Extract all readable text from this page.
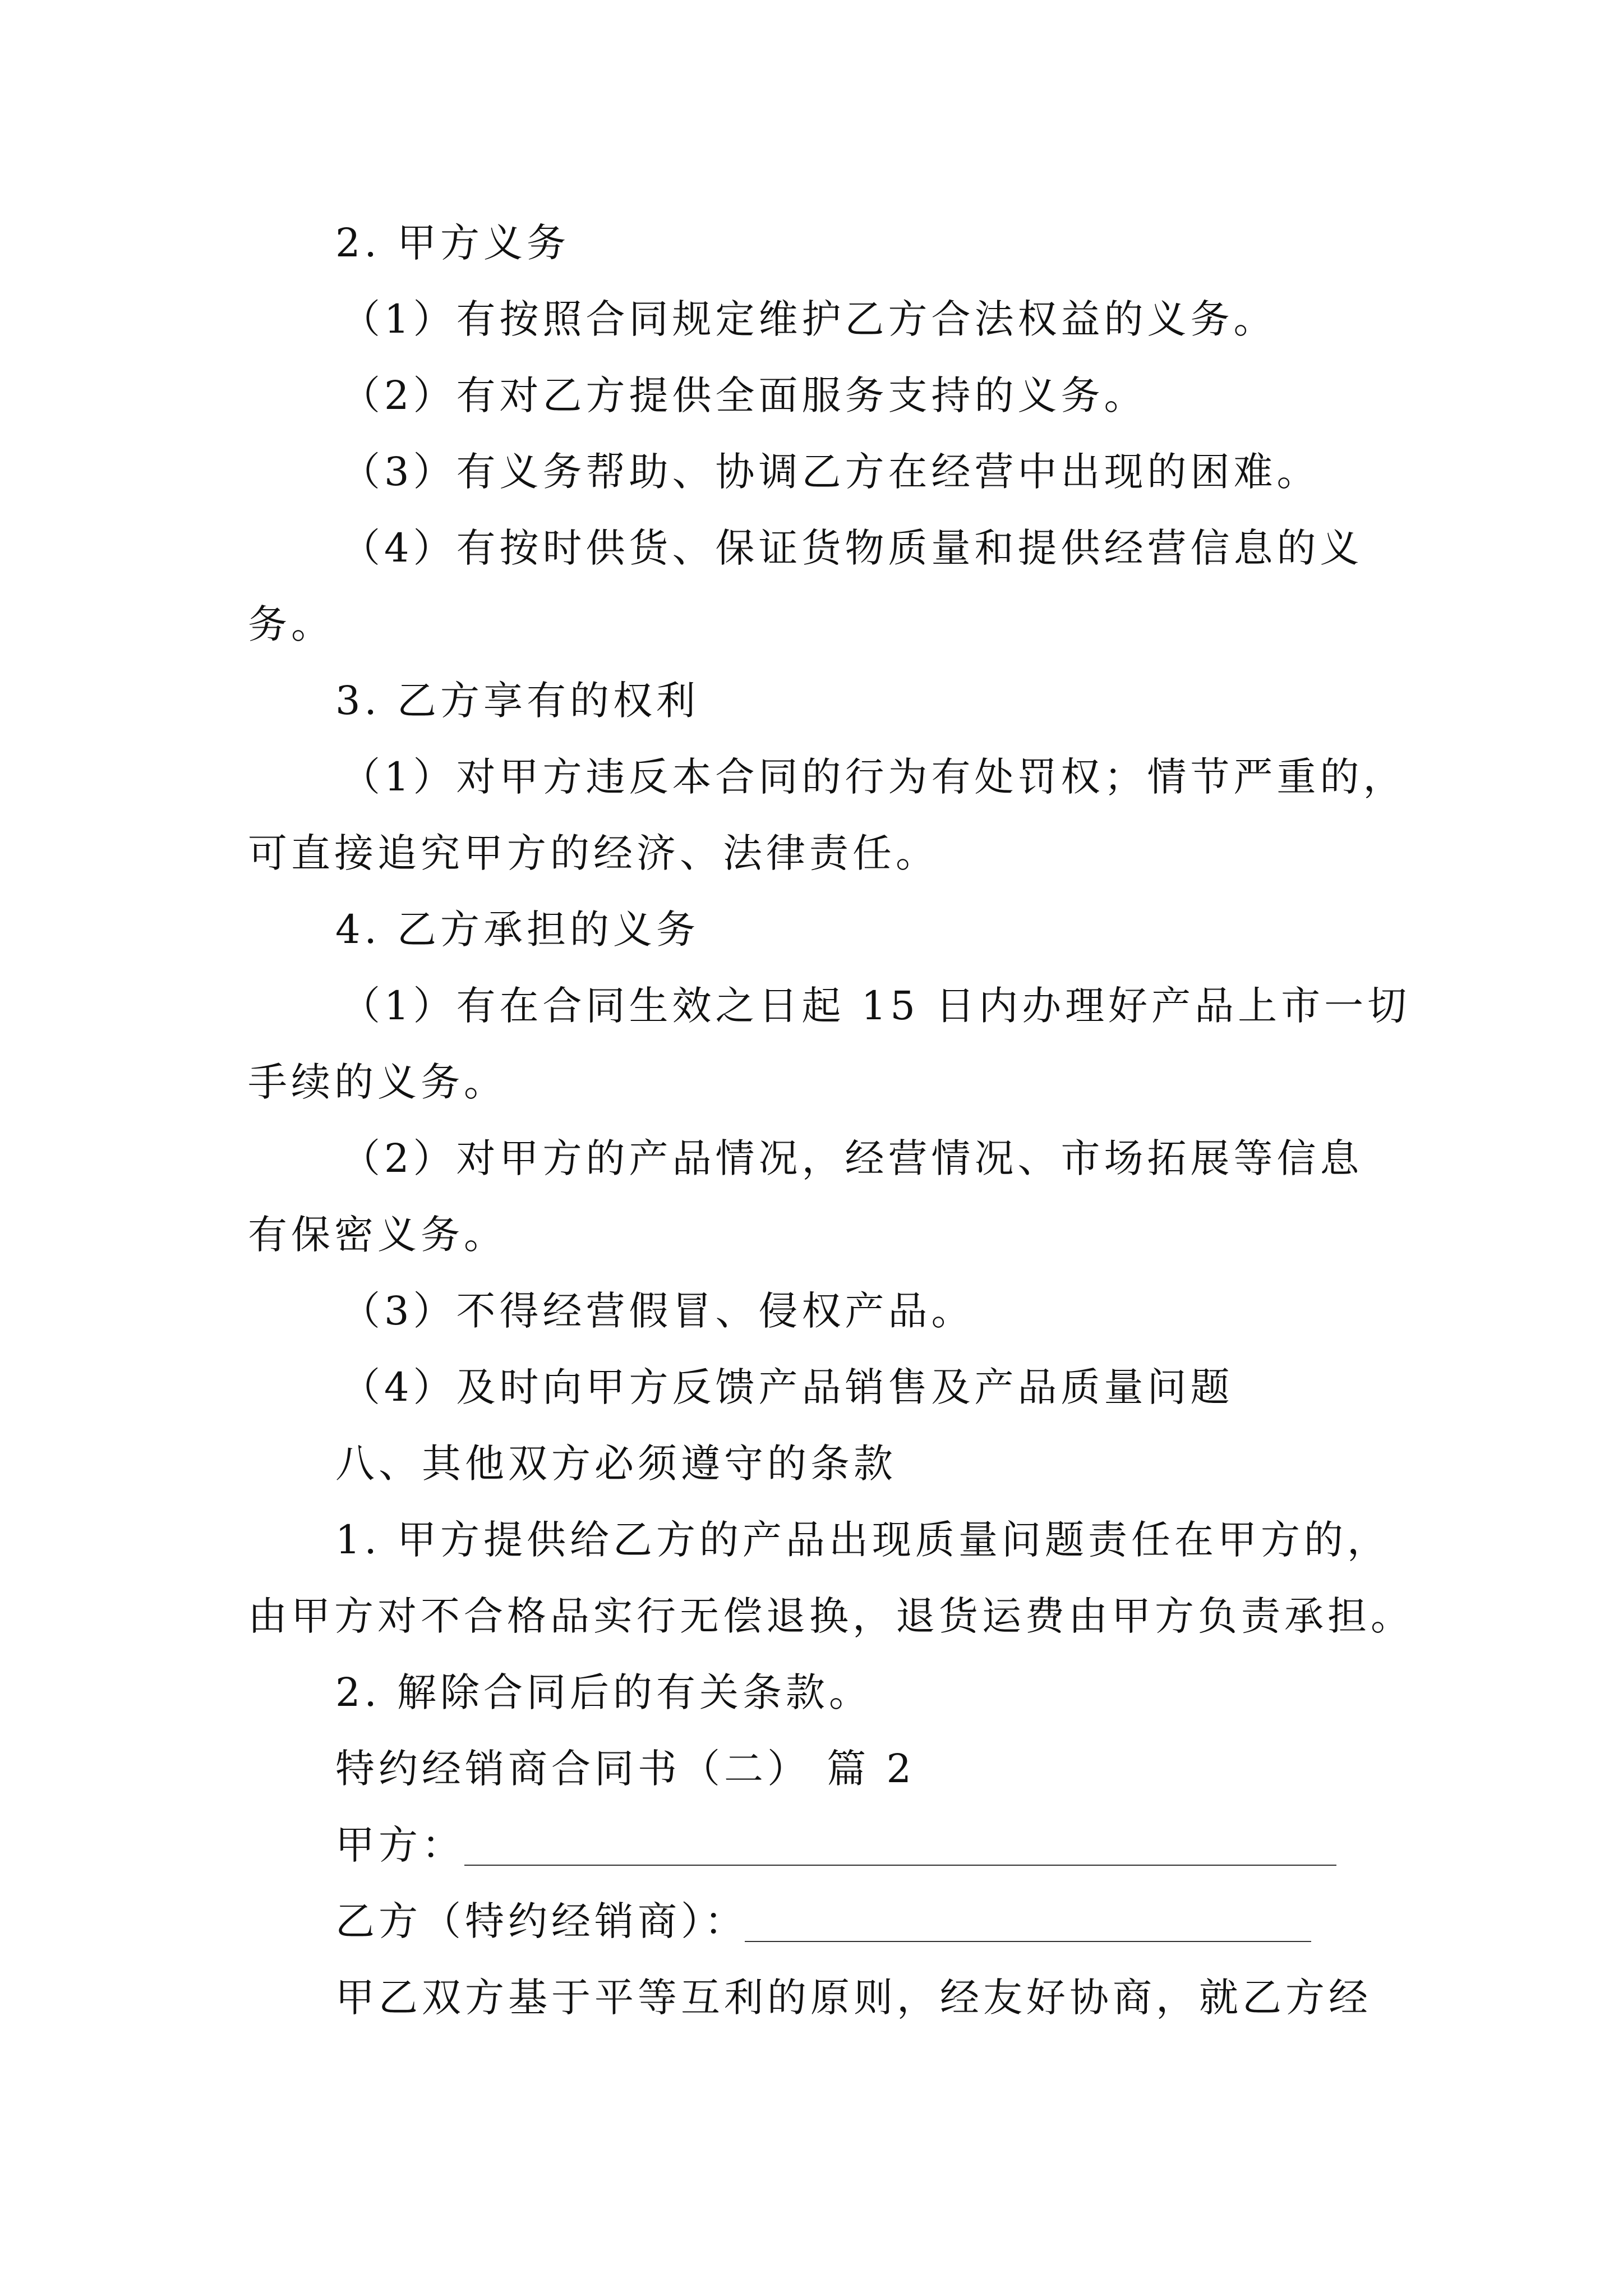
2. 甲方义务
（1）有按照合同规定维护乙方合法权益的义务。
（2）有对乙方提供全面服务支持的义务。
（3）有义务帮助、协调乙方在经营中出现的困难。
（4）有按时供货、保证货物质量和提供经营信息的义
务。
3. 乙方享有的权利
（1）对甲方违反本合同的行为有处罚权；情节严重的，
可直接追究甲方的经济、法律责任。
4. 乙方承担的义务
（1）有在合同生效之日起 15 日内办理好产品上市一切
手续的义务。
（2）对甲方的产品情况，经营情况、市场拓展等信息
有保密义务。
（3）不得经营假冒、侵权产品。
（4）及时向甲方反馈产品销售及产品质量问题
八、其他双方必须遵守的条款
1. 甲方提供给乙方的产品出现质量问题责任在甲方的，
由甲方对不合格品实行无偿退换，退货运费由甲方负责承担。
2. 解除合同后的有关条款。
特约经销商合同书（二） 篇 2
甲方：
乙方（特约经销商）：
甲乙双方基于平等互利的原则，经友好协商，就乙方经
